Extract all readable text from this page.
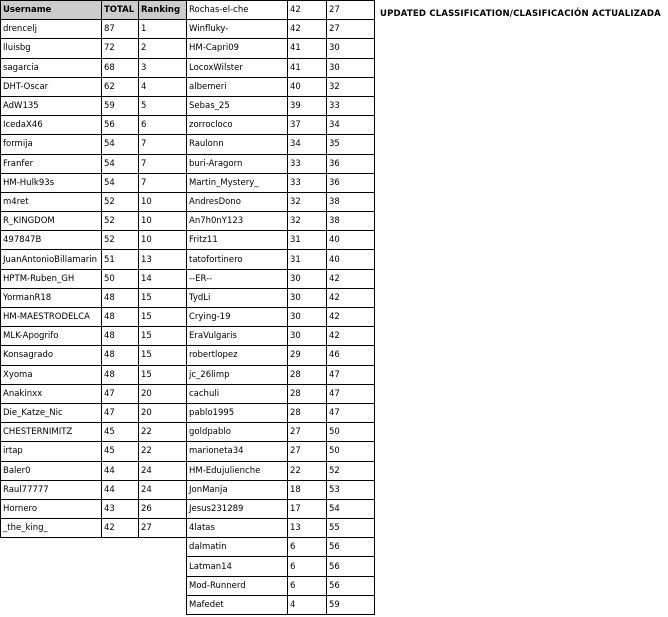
Username	TOTAL	Ranking
drencelj	87	1
lluisbg	72	2
sagarcia	68	3
DHT-Oscar	62	4
AdW135	59	5
IcedaX46	56	6
formija	54	7
Franfer	54	7
HM-Hulk93s	54	7
m4ret	52	10
R_KINGDOM	52	10
497847B	52	10
JuanAntonioBillamarin	51	13
HPTM-Ruben_GH	50	14
YormanR18	48	15
HM-MAESTRODELCA	48	15
MLK-Apogrifo	48	15
Konsagrado	48	15
Xyoma	48	15
Anakinxx	47	20
Die_Katze_Nic	47	20
CHESTERNIMITZ	45	22
irtap	45	22
Baler0	44	24
Raul77777	44	24
Hornero	43	26
_the_king_	42	27
Rochas-el-che	42	27
Winfluky-	42	27
HM-Capri09	41	30
LocoxWilster	41	30
albemeri	40	32
Sebas_25	39	33
zorrocloco	37	34
Raulonn	34	35
buri-Aragorn	33	36
Martin_Mystery_	33	36
AndresDono	32	38
An7h0nY123	32	38
Fritz11	31	40
tatofortinero	31	40
--ER--	30	42
TydLi	30	42
Crying-19	30	42
EraVulgaris	30	42
robertlopez	29	46
jc_26limp	28	47
cachuli	28	47
pablo1995	28	47
goldpablo	27	50
marioneta34	27	50
HM-Edujulienche	22	52
JonManja	18	53
Jesus231289	17	54
4latas	13	55
dalmatin	6	56
Latman14	6	56
Mod-Runnerd	6	56
Mafedet	4	59
UPDATED CLASSIFICATION/CLASIFICACIÓN ACTUALIZADA
